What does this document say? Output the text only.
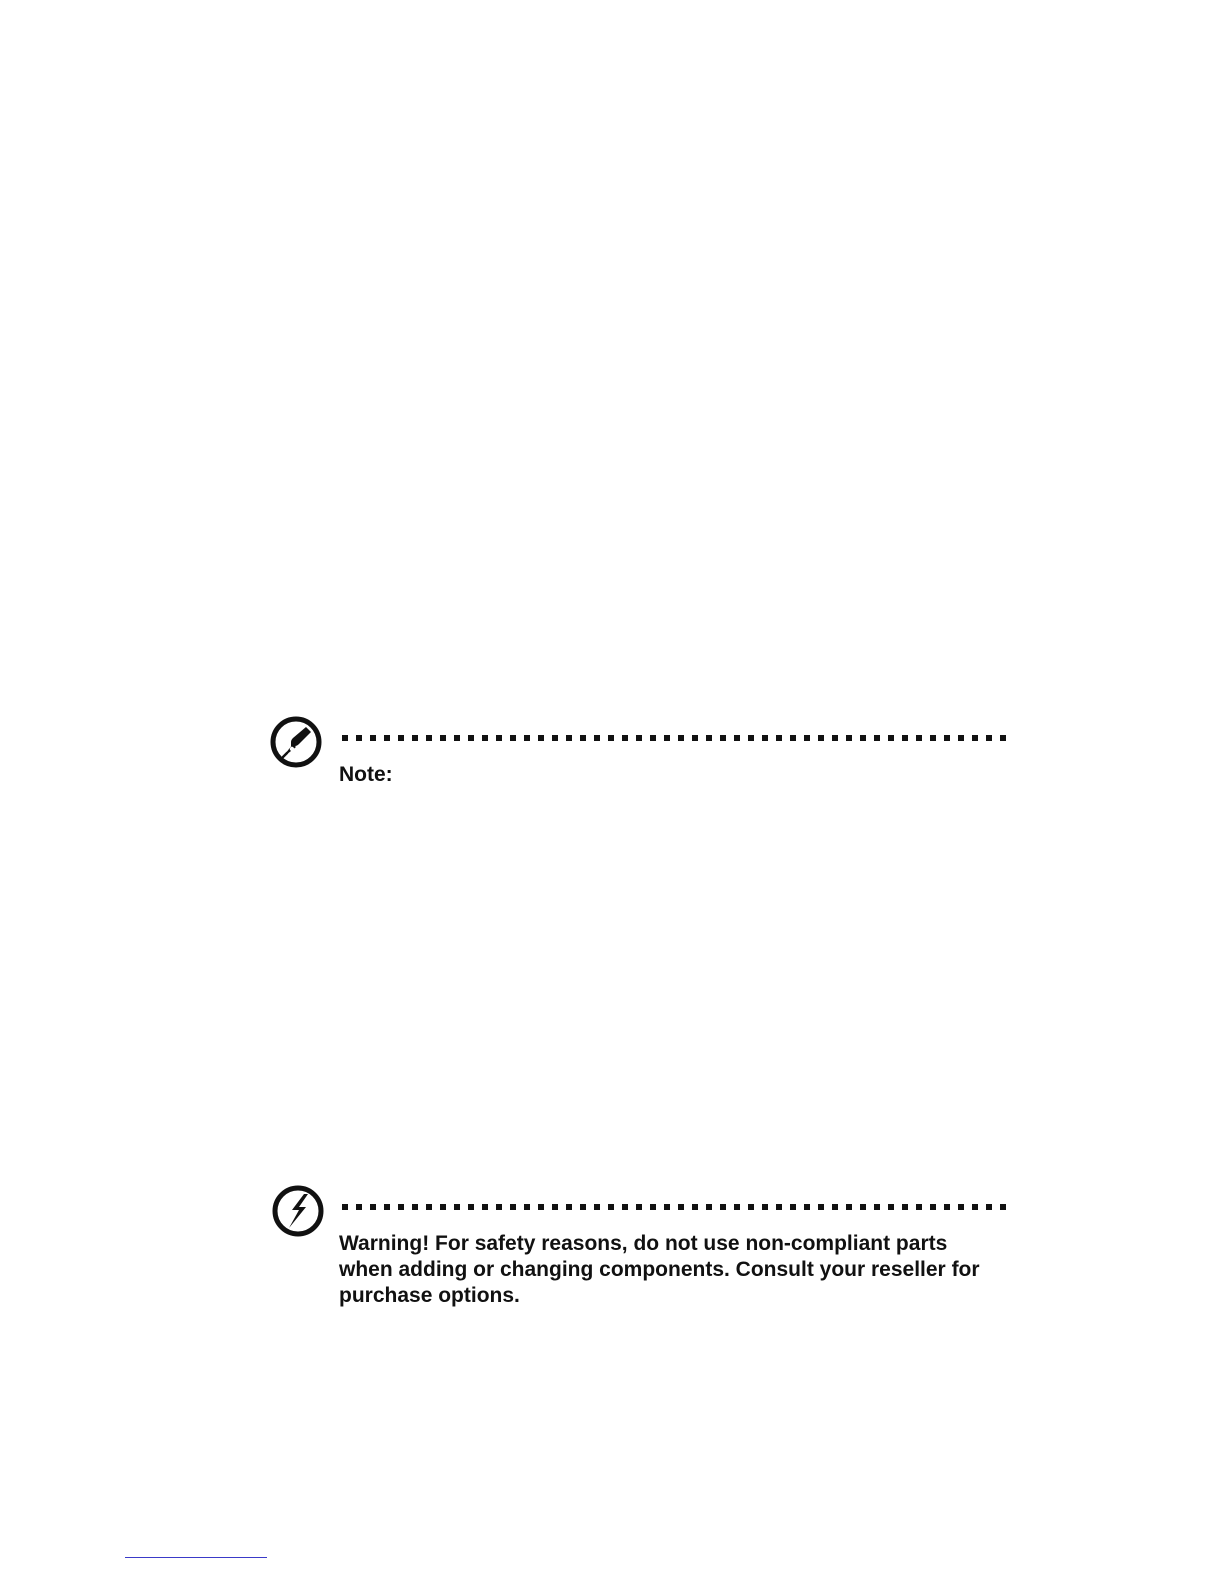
Note:
Warning! For safety reasons, do not use non-compliant parts when adding or changing components. Consult your reseller for purchase options.
